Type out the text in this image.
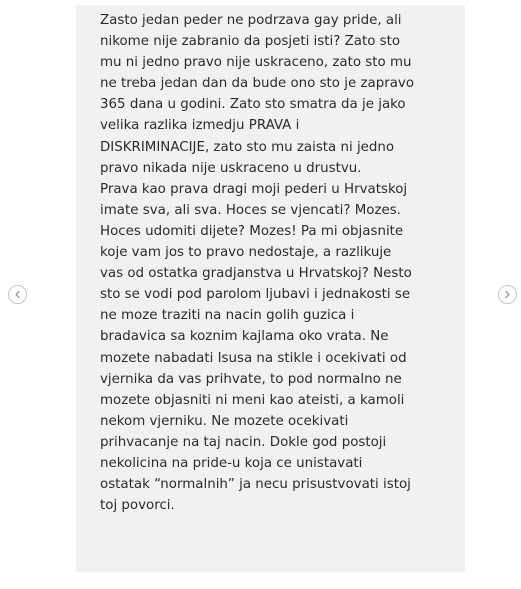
Zasto jedan peder ne podrzava gay pride, ali
nikome nije zabranio da posjeti isti? Zato sto
mu ni jedno pravo nije uskraceno, zato sto mu
ne treba jedan dan da bude ono sto je zapravo
365 dana u godini. Zato sto smatra da je jako
velika razlika izmedju PRAVA i
DISKRIMINACIJE, zato sto mu zaista ni jedno
pravo nikada nije uskraceno u drustvu.
Prava kao prava dragi moji pederi u Hrvatskoj
imate sva, ali sva. Hoces se vjencati? Mozes.
Hoces udomiti dijete? Mozes! Pa mi objasnite
koje vam jos to pravo nedostaje, a razlikuje
vas od ostatka gradjanstva u Hrvatskoj? Nesto
sto se vodi pod parolom ljubavi i jednakosti se
ne moze traziti na nacin golih guzica i
bradavica sa koznim kajlama oko vrata. Ne
mozete nabadati Isusa na stikle i ocekivati od
vjernika da vas prihvate, to pod normalno ne
mozete objasniti ni meni kao ateisti, a kamoli
nekom vjerniku. Ne mozete ocekivati
prihvacanje na taj nacin. Dokle god postoji
nekolicina na pride-u koja ce unistavati
ostatak “normalnih” ja necu prisustvovati istoj
toj povorci.
